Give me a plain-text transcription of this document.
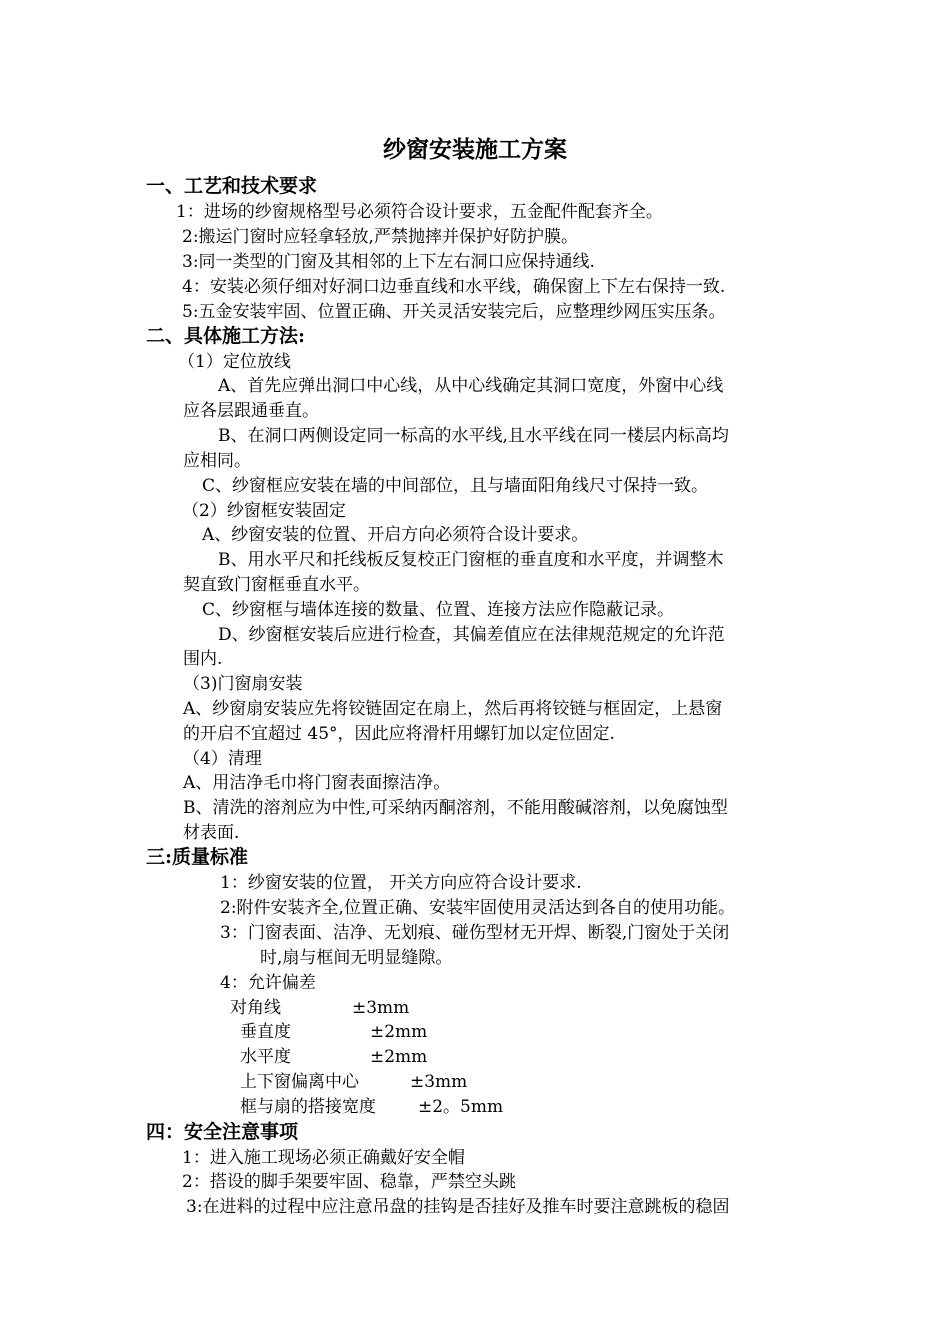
纱窗安装施工方案
一、工艺和技术要求
1：进场的纱窗规格型号必须符合设计要求，五金配件配套齐全。
2:搬运门窗时应轻拿轻放,严禁抛摔并保护好防护膜。
3:同一类型的门窗及其相邻的上下左右洞口应保持通线.
4：安装必须仔细对好洞口边垂直线和水平线，确保窗上下左右保持一致.
5:五金安装牢固、位置正确、开关灵活安装完后，应整理纱网压实压条。
二、具体施工方法:
（1）定位放线
A、首先应弹出洞口中心线，从中心线确定其洞口宽度，外窗中心线
应各层跟通垂直。
B、在洞口两侧设定同一标高的水平线,且水平线在同一楼层内标高均
应相同。
C、纱窗框应安装在墙的中间部位，且与墙面阳角线尺寸保持一致。
（2）纱窗框安装固定
A、纱窗安装的位置、开启方向必须符合设计要求。
B、用水平尺和托线板反复校正门窗框的垂直度和水平度，并调整木
契直致门窗框垂直水平。
C、纱窗框与墙体连接的数量、位置、连接方法应作隐蔽记录。
D、纱窗框安装后应进行检查，其偏差值应在法律规范规定的允许范
围内.
（3)门窗扇安装
A、纱窗扇安装应先将铰链固定在扇上，然后再将铰链与框固定，上悬窗
的开启不宜超过 45°，因此应将滑杆用螺钉加以定位固定.
（4）清理
A、用洁净毛巾将门窗表面擦洁净。
B、清洗的溶剂应为中性,可采纳丙酮溶剂，不能用酸碱溶剂，以免腐蚀型
材表面.
三:质量标准
1：纱窗安装的位置， 开关方向应符合设计要求.
2:附件安装齐全,位置正确、安装牢固使用灵活达到各自的使用功能。
3：门窗表面、洁净、无划痕、碰伤型材无开焊、断裂,门窗处于关闭
时,扇与框间无明显缝隙。
4：允许偏差
对角线	±3mm
垂直度	±2mm
水平度	±2mm
上下窗偏离中心	±3mm
框与扇的搭接宽度 ±2。5mm
四：安全注意事项
1：进入施工现场必须正确戴好安全帽
2：搭设的脚手架要牢固、稳靠，严禁空头跳
3:在进料的过程中应注意吊盘的挂钩是否挂好及推车时要注意跳板的稳固
